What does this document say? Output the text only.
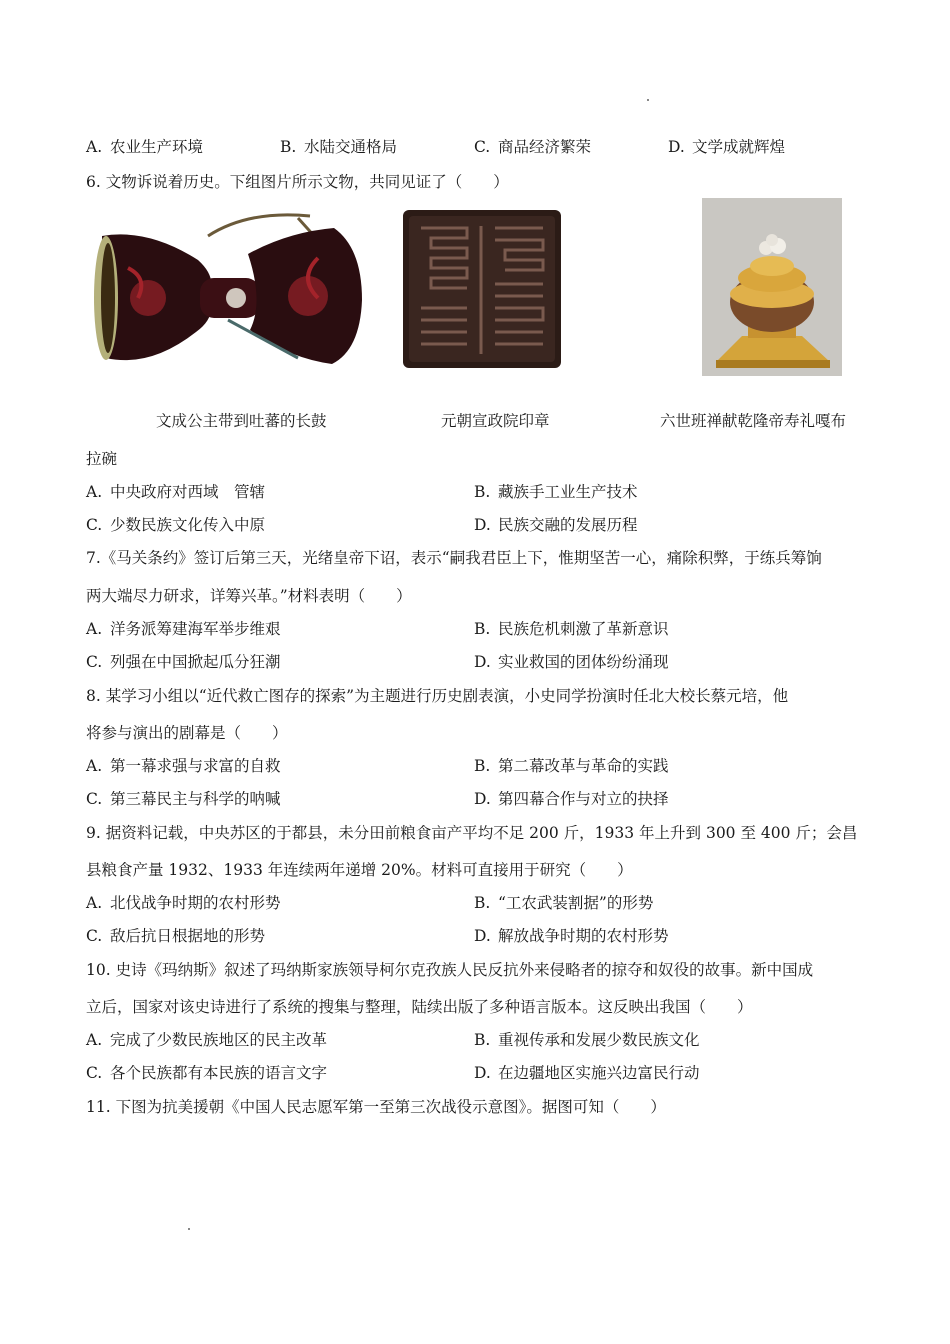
A. 农业生产环境	B. 水陆交通格局	C. 商品经济繁荣	D. 文学成就辉煌
6. 文物诉说着历史。下组图片所示文物，共同见证了（　　）
文成公主带到吐蕃的长鼓	元朝宣政院印章	六世班禅献乾隆帝寿礼嘎布
拉碗
A. 中央政府对西域　管辖	B. 藏族手工业生产技术
C. 少数民族文化传入中原	D. 民族交融的发展历程
7.《马关条约》签订后第三天，光绪皇帝下诏，表示“嗣我君臣上下，惟期坚苦一心，痛除积弊，于练兵筹饷
两大端尽力研求，详筹兴革。”材料表明（　　）
A. 洋务派筹建海军举步维艰	B. 民族危机刺激了革新意识
C. 列强在中国掀起瓜分狂潮	D. 实业救国的团体纷纷涌现
8. 某学习小组以“近代救亡图存的探索”为主题进行历史剧表演，小史同学扮演时任北大校长蔡元培，他
将参与演出的剧幕是（　　）
A. 第一幕求强与求富的自救	B. 第二幕改革与革命的实践
C. 第三幕民主与科学的呐喊	D. 第四幕合作与对立的抉择
9. 据资料记载，中央苏区的于都县，未分田前粮食亩产平均不足 200 斤，1933 年上升到 300 至 400 斤；会昌
县粮食产量 1932、1933 年连续两年递增 20%。材料可直接用于研究（　　）
A. 北伐战争时期的农村形势	B. “工农武装割据”的形势
C. 敌后抗日根据地的形势	D. 解放战争时期的农村形势
10. 史诗《玛纳斯》叙述了玛纳斯家族领导柯尔克孜族人民反抗外来侵略者的掠夺和奴役的故事。新中国成
立后，国家对该史诗进行了系统的搜集与整理，陆续出版了多种语言版本。这反映出我国（　　）
A. 完成了少数民族地区的民主改革	B. 重视传承和发展少数民族文化
C. 各个民族都有本民族的语言文字	D. 在边疆地区实施兴边富民行动
11. 下图为抗美援朝《中国人民志愿军第一至第三次战役示意图》。据图可知（　　）
